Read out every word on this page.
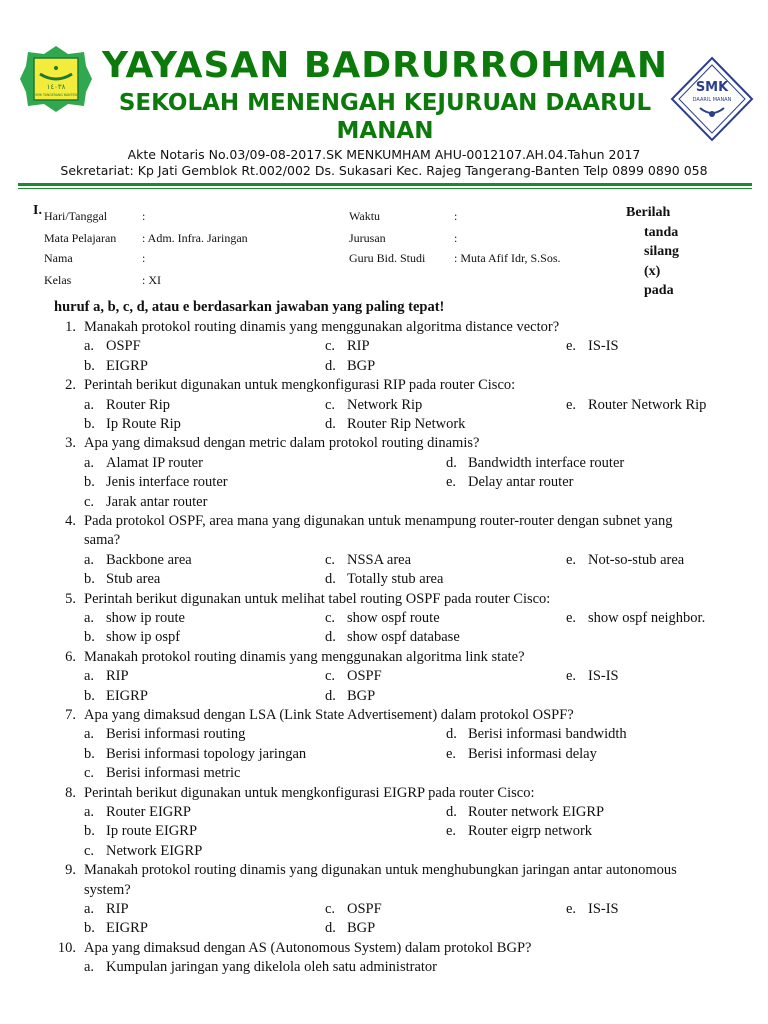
١٤٠٣٨
SMK TANGERANG BANTEN
YAYASAN BADRURROHMAN
SEKOLAH MENENGAH KEJURUAN DAARUL
MANAN
SMK
DAARIL MANAN
Akte Notaris No.03/09-08-2017.SK MENKUMHAM AHU-0012107.AH.04.Tahun 2017
Sekretariat: Kp Jati Gemblok Rt.002/002 Ds. Sukasari Kec. Rajeg Tangerang-Banten Telp 0899 0890 058
I. Hari/Tanggal	:
Mata Pelajaran : Adm. Infra. Jaringan
Nama	:
Kelas	: XI
Waktu	:
Jurusan	:
Guru Bid. Studi : Muta Afif Idr, S.Sos.
Berilah
tanda
silang
(x)
pada
huruf a, b, c, d, atau e berdasarkan jawaban yang paling tepat!
1. Manakah protokol routing dinamis yang menggunakan algoritma distance vector?
a. OSPF	c. RIP	e. IS-IS
b. EIGRP	d. BGP
2. Perintah berikut digunakan untuk mengkonfigurasi RIP pada router Cisco:
a. Router Rip	c. Network Rip	e. Router Network Rip
b. Ip Route Rip	d. Router Rip Network
3. Apa yang dimaksud dengan metric dalam protokol routing dinamis?
a. Alamat IP router	d. Bandwidth interface router
b. Jenis interface router	e. Delay antar router
c. Jarak antar router
4. Pada protokol OSPF, area mana yang digunakan untuk menampung router-router dengan subnet yang
sama?
a. Backbone area	c. NSSA area	e. Not-so-stub area
b. Stub area	d. Totally stub area
5. Perintah berikut digunakan untuk melihat tabel routing OSPF pada router Cisco:
a. show ip route	c. show ospf route	e. show ospf neighbor.
b. show ip ospf	d. show ospf database
6. Manakah protokol routing dinamis yang menggunakan algoritma link state?
a. RIP	c. OSPF	e. IS-IS
b. EIGRP	d. BGP
7. Apa yang dimaksud dengan LSA (Link State Advertisement) dalam protokol OSPF?
a. Berisi informasi routing	d. Berisi informasi bandwidth
b. Berisi informasi topology jaringan	e. Berisi informasi delay
c. Berisi informasi metric
8. Perintah berikut digunakan untuk mengkonfigurasi EIGRP pada router Cisco:
a. Router EIGRP	d. Router network EIGRP
b. Ip route EIGRP	e. Router eigrp network
c. Network EIGRP
9. Manakah protokol routing dinamis yang digunakan untuk menghubungkan jaringan antar autonomous
system?
a. RIP	c. OSPF	e. IS-IS
b. EIGRP	d. BGP
10. Apa yang dimaksud dengan AS (Autonomous System) dalam protokol BGP?
a. Kumpulan jaringan yang dikelola oleh satu administrator
